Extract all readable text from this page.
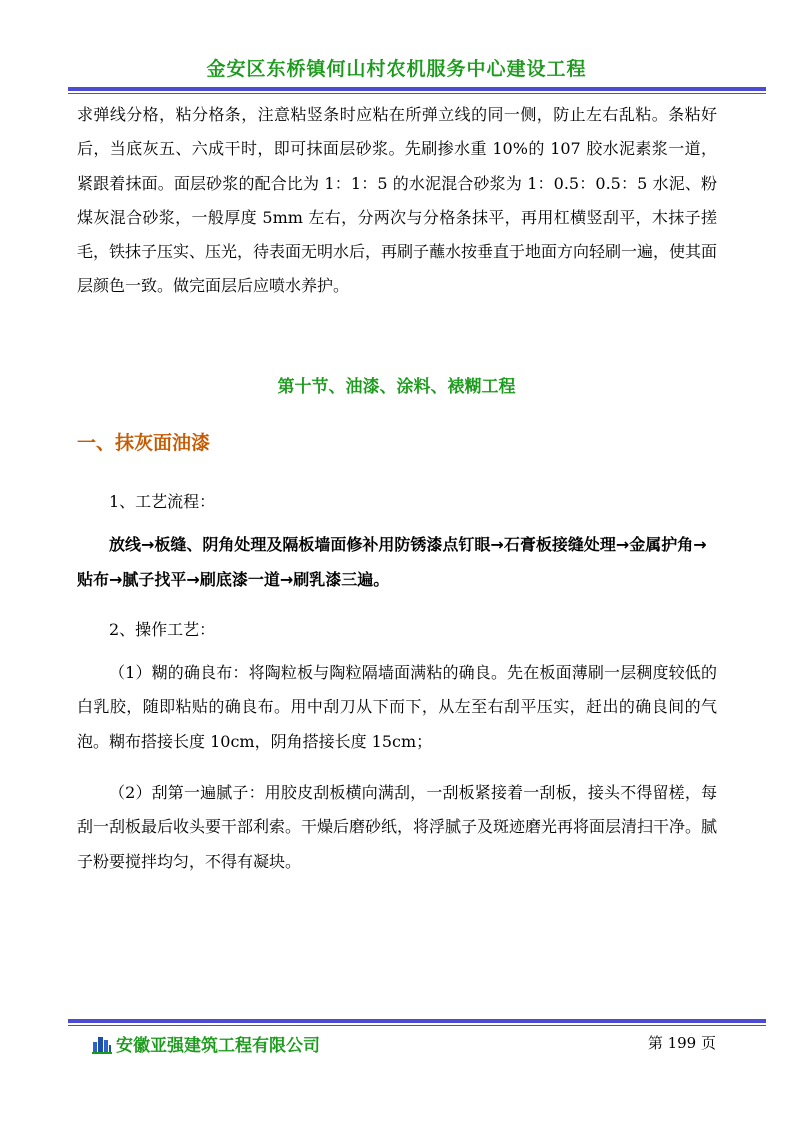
金安区东桥镇何山村农机服务中心建设工程

求弹线分格，粘分格条，注意粘竖条时应粘在所弹立线的同一侧，防止左右乱粘。条粘好后，当底灰五、六成干时，即可抹面层砂浆。先刷掺水重 10%的 107 胶水泥素浆一道，紧跟着抹面。面层砂浆的配合比为 1：1：5 的水泥混合砂浆为 1：0.5：0.5：5 水泥、粉煤灰混合砂浆，一般厚度 5mm 左右，分两次与分格条抹平，再用杠横竖刮平，木抹子搓毛，铁抹子压实、压光，待表面无明水后，再刷子蘸水按垂直于地面方向轻刷一遍，使其面层颜色一致。做完面层后应喷水养护。

第十节、油漆、涂料、裱糊工程
一、抹灰面油漆
1、工艺流程：

放线→板缝、阴角处理及隔板墙面修补用防锈漆点钉眼→石膏板接缝处理→金属护角→贴布→腻子找平→刷底漆一道→刷乳漆三遍。

2、操作工艺：

（1）糊的确良布：将陶粒板与陶粒隔墙面满粘的确良。先在板面薄刷一层稠度较低的白乳胶，随即粘贴的确良布。用中刮刀从下而下，从左至右刮平压实，赶出的确良间的气泡。糊布搭接长度 10cm，阴角搭接长度 15cm；

（2）刮第一遍腻子：用胶皮刮板横向满刮，一刮板紧接着一刮板，接头不得留槎，每刮一刮板最后收头要干部利索。干燥后磨砂纸，将浮腻子及斑迹磨光再将面层清扫干净。腻子粉要搅拌均匀，不得有凝块。

安徽亚强建筑工程有限公司	第 199 页
